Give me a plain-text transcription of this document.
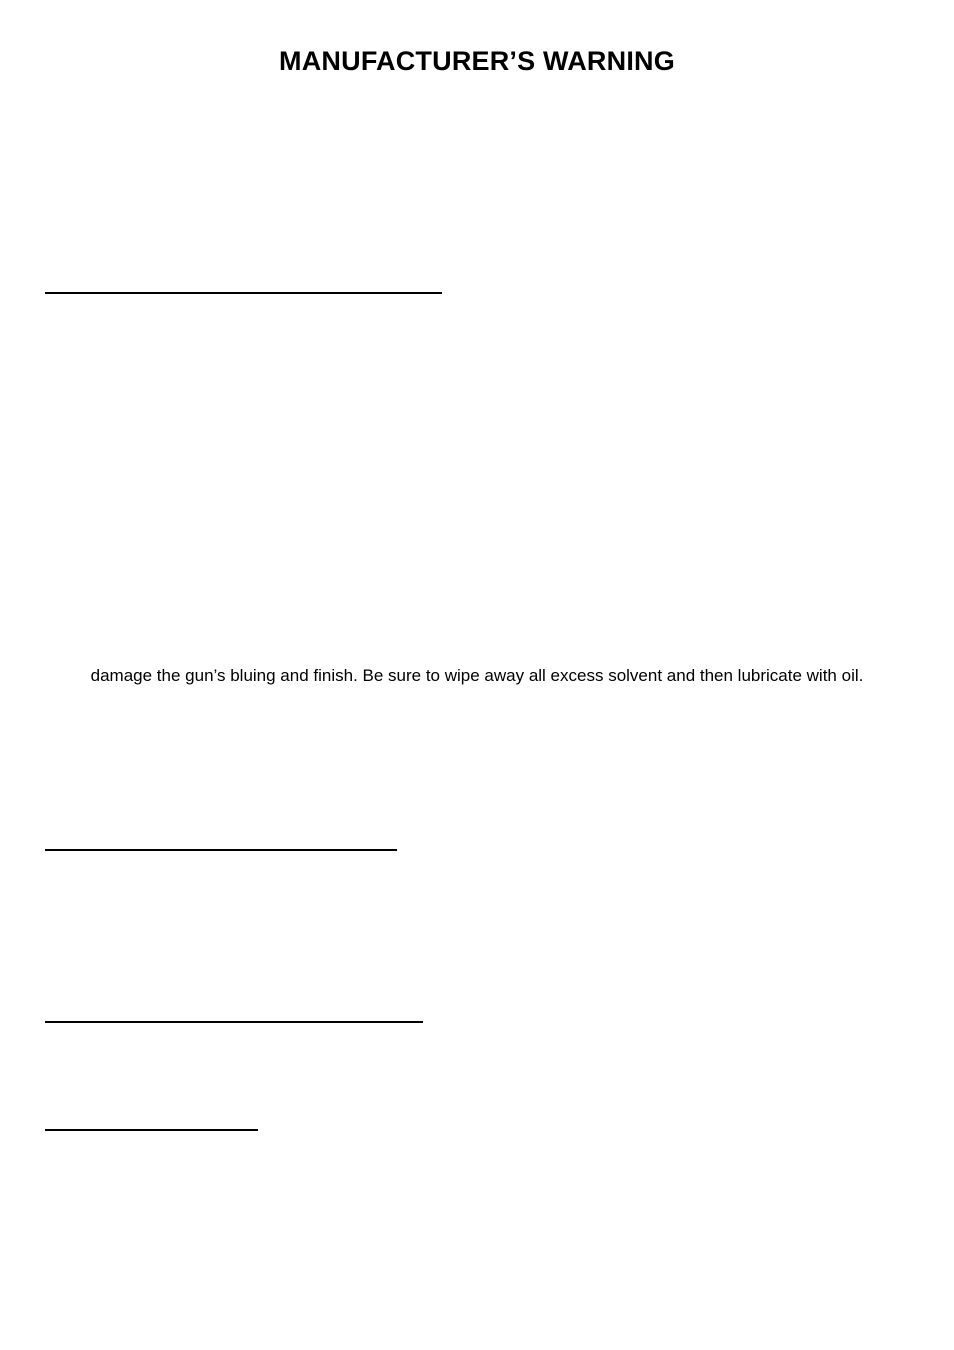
MANUFACTURER’S WARNING

damage the gun’s bluing and finish. Be sure to wipe away all excess solvent and then lubricate with oil.
